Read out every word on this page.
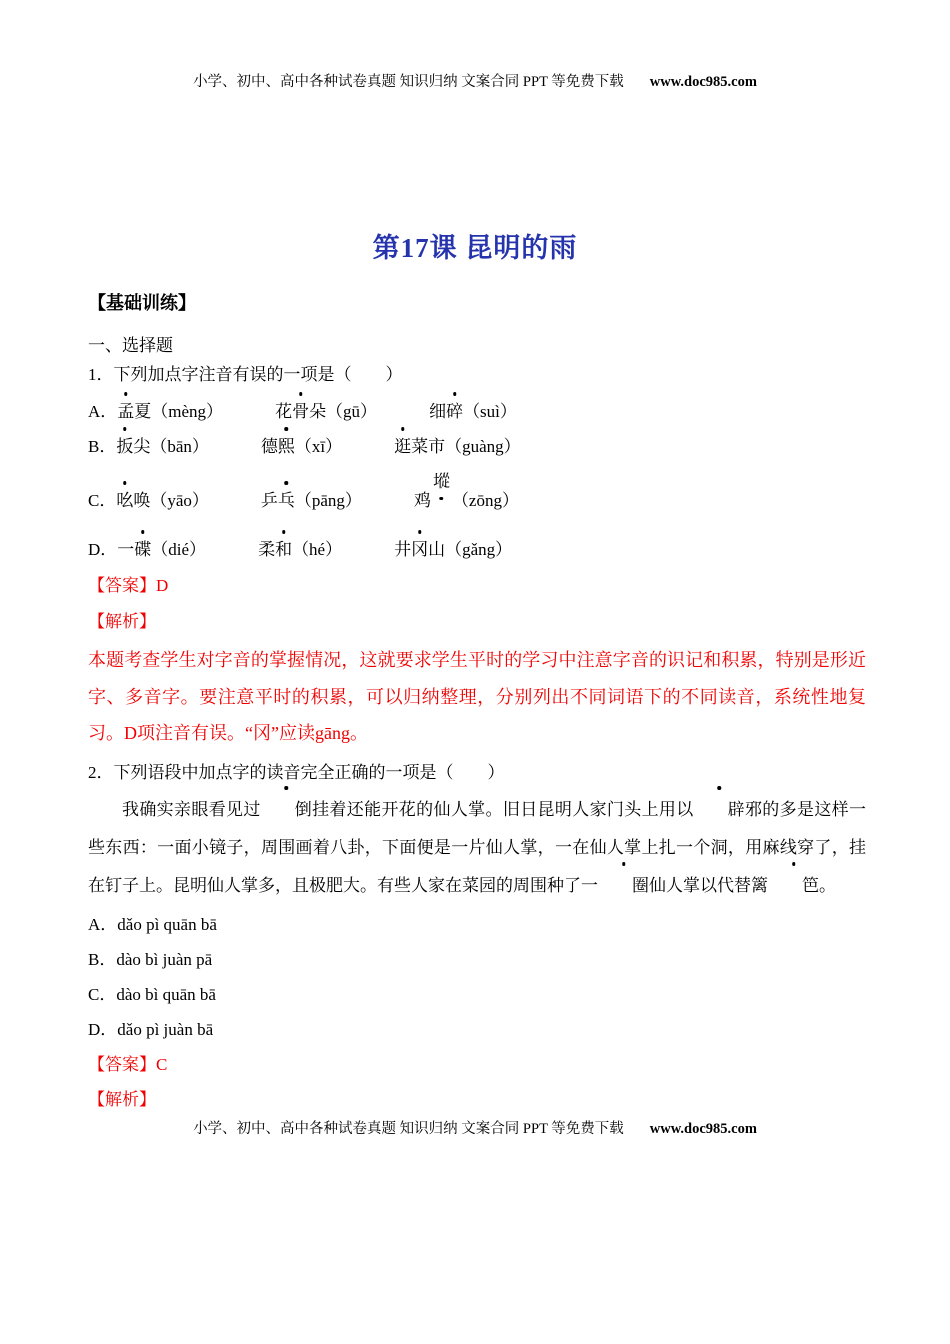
小学、初中、高中各种试卷真题 知识归纳 文案合同 PPT 等免费下载 www.doc985.com
第17课 昆明的雨
【基础训练】
一、选择题
1．下列加点字注音有误的一项是（　　）
A．孟夏（mèng）	花骨朵（gū）	细碎（suì）
B．扳尖（bān）	德熙（xī）	逛菜市（guàng）
C．吆唤（yāo）	乒乓（pāng）	鸡㙡（zōng）
D．一碟（dié）	柔和（hé）	井冈山（gǎng）
【答案】D
【解析】
本题考查学生对字音的掌握情况，这就要求学生平时的学习中注意字音的识记和积累，特别是形近字、多音字。要注意平时的积累，可以归纳整理，分别列出不同词语下的不同读音，系统性地复习。D项注音有误。“冈”应读gāng。
2．下列语段中加点字的读音完全正确的一项是（　　）
我确实亲眼看见过 倒挂着还能开花的仙人掌。旧日昆明人家门头上用以 辟邪的多是这样一些东西：一面小镜子，周围画着八卦，下面便是一片仙人掌，一在仙人掌上扎一个洞，用麻线穿了，挂在钉子上。昆明仙人掌多，且极肥大。有些人家在菜园的周围种了一 圈仙人掌以代替篱 笆。
A．dǎo pì quān bā
B．dào bì juàn pā
C．dào bì quān bā
D．dǎo pì juàn bā
【答案】C
【解析】
小学、初中、高中各种试卷真题 知识归纳 文案合同 PPT 等免费下载 www.doc985.com
